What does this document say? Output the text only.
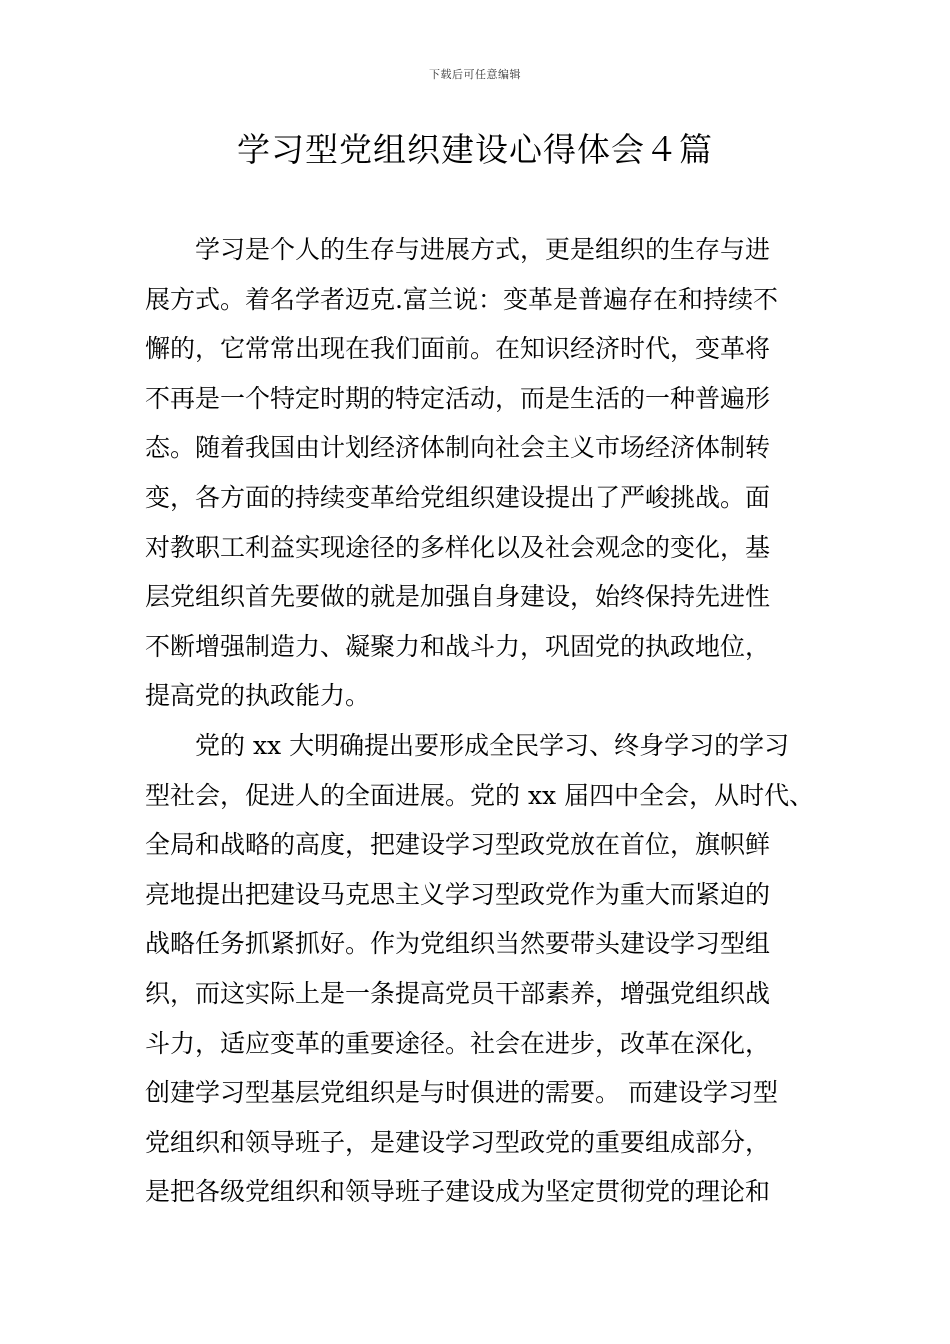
下载后可任意编辑
学习型党组织建设心得体会４篇
学习是个人的生存与进展方式，更是组织的生存与进
展方式。着名学者迈克.富兰说：变革是普遍存在和持续不
懈的，它常常出现在我们面前。在知识经济时代，变革将
不再是一个特定时期的特定活动，而是生活的一种普遍形
态。随着我国由计划经济体制向社会主义市场经济体制转
变，各方面的持续变革给党组织建设提出了严峻挑战。面
对教职工利益实现途径的多样化以及社会观念的变化，基
层党组织首先要做的就是加强自身建设，始终保持先进性
不断增强制造力、凝聚力和战斗力，巩固党的执政地位，
提高党的执政能力。
党的 xx 大明确提出要形成全民学习、终身学习的学习
型社会，促进人的全面进展。党的 xx 届四中全会，从时代、
全局和战略的高度，把建设学习型政党放在首位，旗帜鲜
亮地提出把建设马克思主义学习型政党作为重大而紧迫的
战略任务抓紧抓好。作为党组织当然要带头建设学习型组
织，而这实际上是一条提高党员干部素养，增强党组织战
斗力，适应变革的重要途径。社会在进步，改革在深化，
创建学习型基层党组织是与时俱进的需要。 而建设学习型
党组织和领导班子，是建设学习型政党的重要组成部分，
是把各级党组织和领导班子建设成为坚定贯彻党的理论和
